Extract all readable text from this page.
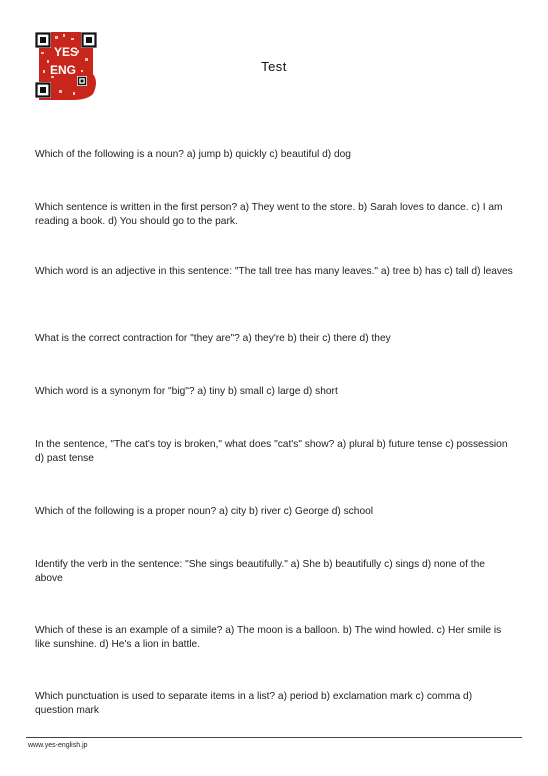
YES
ENG	Test
Which of the following is a noun? a) jump b) quickly c) beautiful d) dog
Which sentence is written in the first person? a) They went to the store. b) Sarah loves to dance. c) I am reading a book. d) You should go to the park.
Which word is an adjective in this sentence: "The tall tree has many leaves." a) tree b) has c) tall d) leaves
What is the correct contraction for "they are"? a) they're b) their c) there d) they
Which word is a synonym for "big"? a) tiny b) small c) large d) short
In the sentence, "The cat's toy is broken," what does "cat's" show? a) plural b) future tense c) possession d) past tense
Which of the following is a proper noun? a) city b) river c) George d) school
Identify the verb in the sentence: "She sings beautifully." a) She b) beautifully c) sings d) none of the above
Which of these is an example of a simile? a) The moon is a balloon. b) The wind howled. c) Her smile is like sunshine. d) He's a lion in battle.
Which punctuation is used to separate items in a list? a) period b) exclamation mark c) comma d) question mark
www.yes-english.jp
